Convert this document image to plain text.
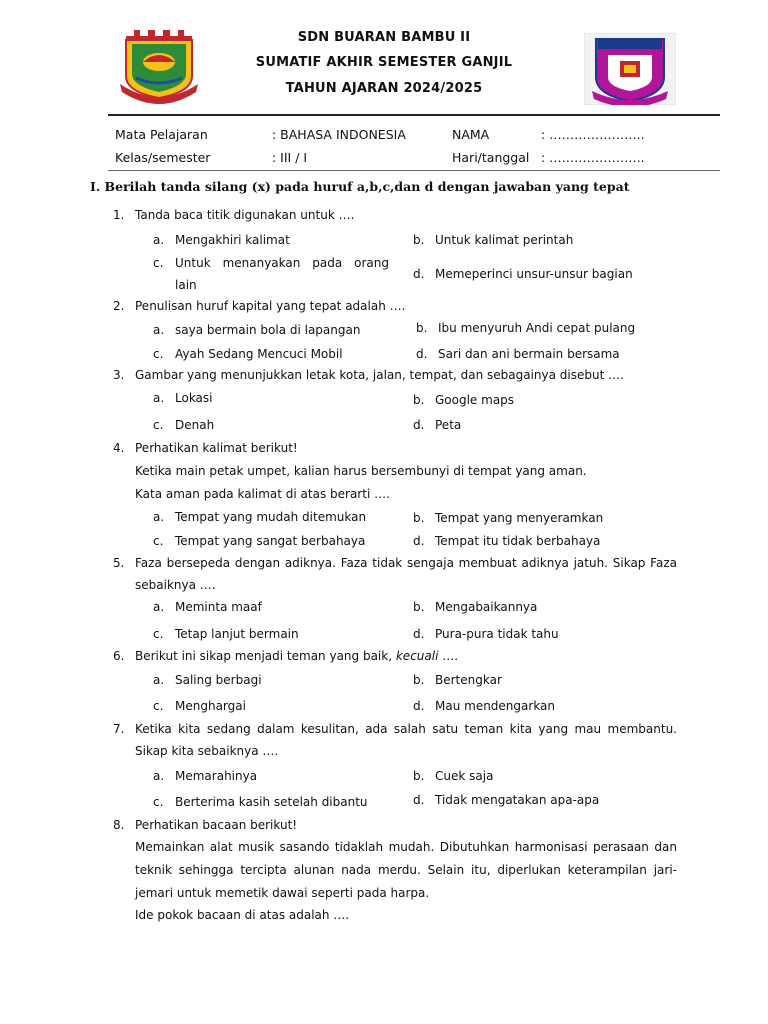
SDN BUARAN BAMBU II
SUMATIF AKHIR SEMESTER GANJIL
TAHUN AJARAN 2024/2025
Mata Pelajaran	: BAHASA INDONESIA	NAMA	: …………………..
Kelas/semester	: III / I	Hari/tanggal : …………………..
I. Berilah tanda silang (x) pada huruf a,b,c,dan d dengan jawaban yang tepat
1. Tanda baca titik digunakan untuk ….
a. Mengakhiri kalimat	b. Untuk kalimat perintah
c. Untuk menanyakan pada orang
lain
d. Memeperinci unsur-unsur bagian
2. Penulisan huruf kapital yang tepat adalah ….
a. saya bermain bola di lapangan	b. Ibu menyuruh Andi cepat pulang
c. Ayah Sedang Mencuci Mobil	d. Sari dan ani bermain bersama
3. Gambar yang menunjukkan letak kota, jalan, tempat, dan sebagainya disebut ….
a. Lokasi	b. Google maps
c. Denah	d. Peta
4. Perhatikan kalimat berikut!
Ketika main petak umpet, kalian harus bersembunyi di tempat yang aman.
Kata aman pada kalimat di atas berarti ….
a. Tempat yang mudah ditemukan	b. Tempat yang menyeramkan
c. Tempat yang sangat berbahaya	d. Tempat itu tidak berbahaya
5. Faza bersepeda dengan adiknya. Faza tidak sengaja membuat adiknya jatuh. Sikap Faza
sebaiknya ….
a. Meminta maaf	b. Mengabaikannya
c. Tetap lanjut bermain	d. Pura-pura tidak tahu
6. Berikut ini sikap menjadi teman yang baik, kecuali ….
a. Saling berbagi	b. Bertengkar
c. Menghargai	d. Mau mendengarkan
7. Ketika kita sedang dalam kesulitan, ada salah satu teman kita yang mau membantu.
Sikap kita sebaiknya ….
a. Memarahinya	b. Cuek saja
c. Berterima kasih setelah dibantu	d. Tidak mengatakan apa-apa
8. Perhatikan bacaan berikut!
Memainkan alat musik sasando tidaklah mudah. Dibutuhkan harmonisasi perasaan dan
teknik sehingga tercipta alunan nada merdu. Selain itu, diperlukan keterampilan jari-
jemari untuk memetik dawai seperti pada harpa.
Ide pokok bacaan di atas adalah ….
